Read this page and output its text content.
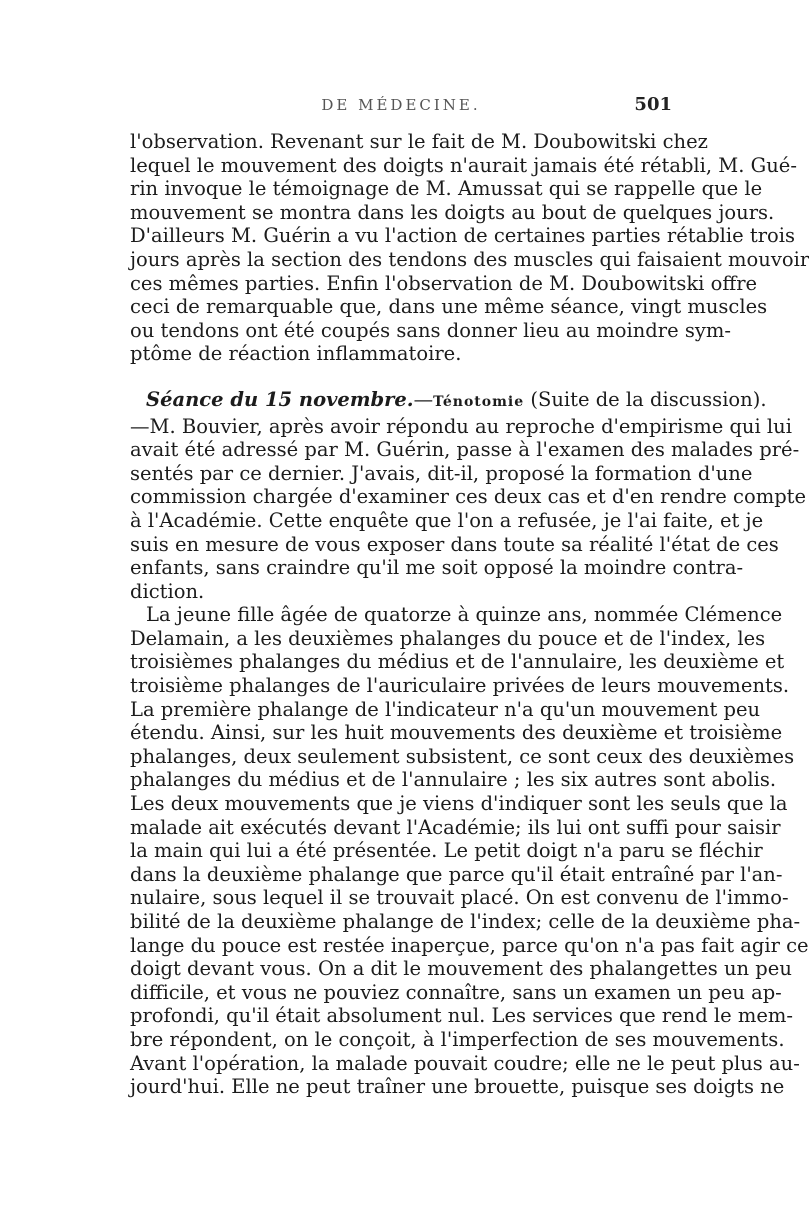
DE MÉDECINE.	501

l'observation. Revenant sur le fait de M. Doubowitski chez
lequel le mouvement des doigts n'aurait jamais été rétabli, M. Gué-
rin invoque le témoignage de M. Amussat qui se rappelle que le
mouvement se montra dans les doigts au bout de quelques jours.
D'ailleurs M. Guérin a vu l'action de certaines parties rétablie trois
jours après la section des tendons des muscles qui faisaient mouvoir
ces mêmes parties. Enfin l'observation de M. Doubowitski offre
ceci de remarquable que, dans une même séance, vingt muscles
ou tendons ont été coupés sans donner lieu au moindre sym-
ptôme de réaction inflammatoire.

Séance du 15 novembre.—Ténotomie (Suite de la discussion).
—M. Bouvier, après avoir répondu au reproche d'empirisme qui lui
avait été adressé par M. Guérin, passe à l'examen des malades pré-
sentés par ce dernier. J'avais, dit-il, proposé la formation d'une
commission chargée d'examiner ces deux cas et d'en rendre compte
à l'Académie. Cette enquête que l'on a refusée, je l'ai faite, et je
suis en mesure de vous exposer dans toute sa réalité l'état de ces
enfants, sans craindre qu'il me soit opposé la moindre contra-
diction.

La jeune fille âgée de quatorze à quinze ans, nommée Clémence
Delamain, a les deuxièmes phalanges du pouce et de l'index, les
troisièmes phalanges du médius et de l'annulaire, les deuxième et
troisième phalanges de l'auriculaire privées de leurs mouvements.
La première phalange de l'indicateur n'a qu'un mouvement peu
étendu. Ainsi, sur les huit mouvements des deuxième et troisième
phalanges, deux seulement subsistent, ce sont ceux des deuxièmes
phalanges du médius et de l'annulaire ; les six autres sont abolis.
Les deux mouvements que je viens d'indiquer sont les seuls que la
malade ait exécutés devant l'Académie; ils lui ont suffi pour saisir
la main qui lui a été présentée. Le petit doigt n'a paru se fléchir
dans la deuxième phalange que parce qu'il était entraîné par l'an-
nulaire, sous lequel il se trouvait placé. On est convenu de l'immo-
bilité de la deuxième phalange de l'index; celle de la deuxième pha-
lange du pouce est restée inaperçue, parce qu'on n'a pas fait agir ce
doigt devant vous. On a dit le mouvement des phalangettes un peu
difficile, et vous ne pouviez connaître, sans un examen un peu ap-
profondi, qu'il était absolument nul. Les services que rend le mem-
bre répondent, on le conçoit, à l'imperfection de ses mouvements.
Avant l'opération, la malade pouvait coudre; elle ne le peut plus au-
jourd'hui. Elle ne peut traîner une brouette, puisque ses doigts ne
